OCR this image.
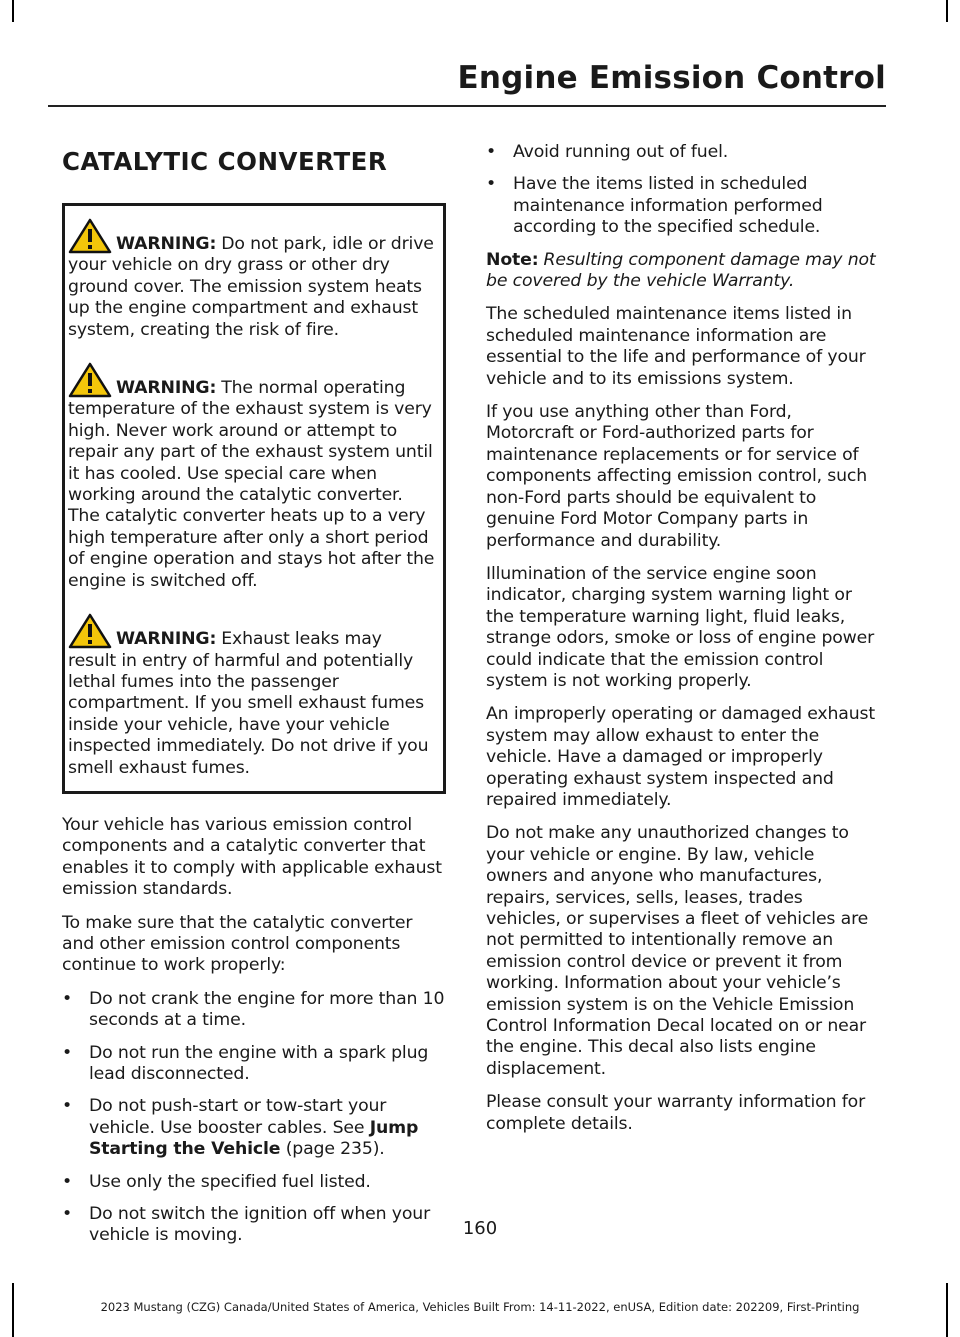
Engine Emission Control
CATALYTIC CONVERTER
WARNING: Do not park, idle or drive your vehicle on dry grass or other dry ground cover. The emission system heats up the engine compartment and exhaust system, creating the risk of fire.
WARNING: The normal operating temperature of the exhaust system is very high. Never work around or attempt to repair any part of the exhaust system until it has cooled. Use special care when working around the catalytic converter. The catalytic converter heats up to a very high temperature after only a short period of engine operation and stays hot after the engine is switched off.
WARNING: Exhaust leaks may result in entry of harmful and potentially lethal fumes into the passenger compartment. If you smell exhaust fumes inside your vehicle, have your vehicle inspected immediately. Do not drive if you smell exhaust fumes.

Your vehicle has various emission control components and a catalytic converter that enables it to comply with applicable exhaust emission standards.

To make sure that the catalytic converter and other emission control components continue to work properly:

• Do not crank the engine for more than 10 seconds at a time.
• Do not run the engine with a spark plug lead disconnected.
• Do not push-start or tow-start your vehicle. Use booster cables. See Jump Starting the Vehicle (page 235).
• Use only the specified fuel listed.
• Do not switch the ignition off when your vehicle is moving.
• Avoid running out of fuel.
• Have the items listed in scheduled maintenance information performed according to the specified schedule.

Note: Resulting component damage may not be covered by the vehicle Warranty.

The scheduled maintenance items listed in scheduled maintenance information are essential to the life and performance of your vehicle and to its emissions system.

If you use anything other than Ford, Motorcraft or Ford-authorized parts for maintenance replacements or for service of components affecting emission control, such non-Ford parts should be equivalent to genuine Ford Motor Company parts in performance and durability.

Illumination of the service engine soon indicator, charging system warning light or the temperature warning light, fluid leaks, strange odors, smoke or loss of engine power could indicate that the emission control system is not working properly.

An improperly operating or damaged exhaust system may allow exhaust to enter the vehicle. Have a damaged or improperly operating exhaust system inspected and repaired immediately.

Do not make any unauthorized changes to your vehicle or engine. By law, vehicle owners and anyone who manufactures, repairs, services, sells, leases, trades vehicles, or supervises a fleet of vehicles are not permitted to intentionally remove an emission control device or prevent it from working. Information about your vehicle’s emission system is on the Vehicle Emission Control Information Decal located on or near the engine. This decal also lists engine displacement.

Please consult your warranty information for complete details.

160
2023 Mustang (CZG) Canada/United States of America, Vehicles Built From: 14-11-2022, enUSA, Edition date: 202209, First-Printing
